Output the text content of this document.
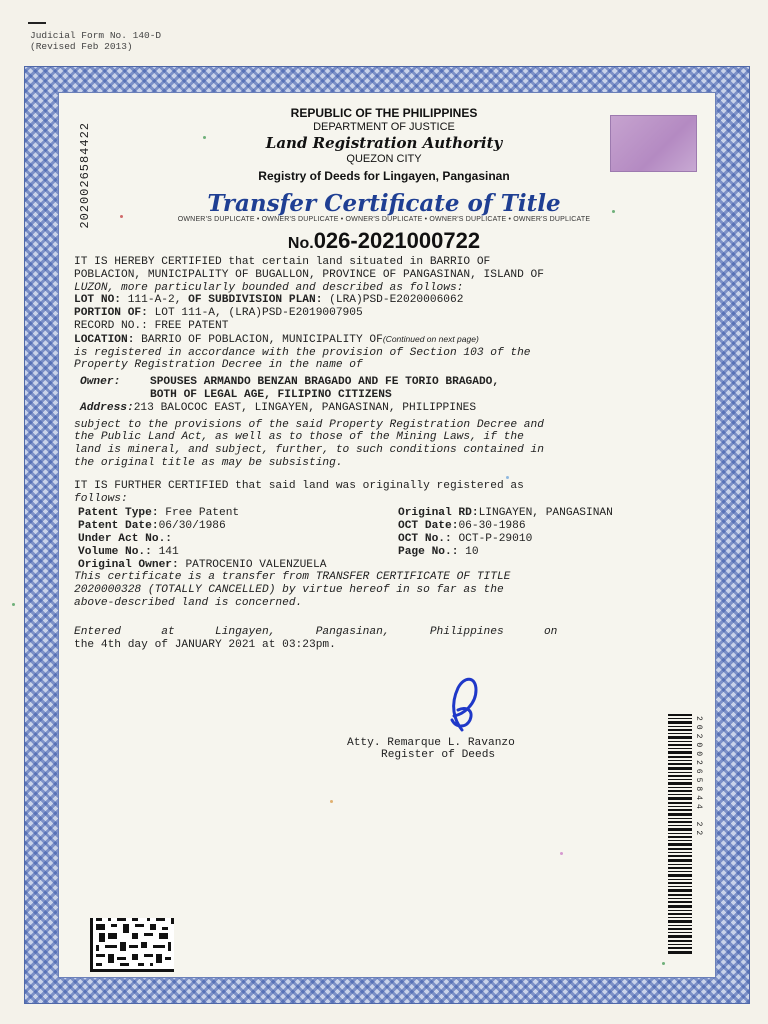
Judicial Form No. 140-D
(Revised Feb 2013)
2020026584422
REPUBLIC OF THE PHILIPPINES
DEPARTMENT OF JUSTICE
Land Registration Authority
QUEZON CITY
Registry of Deeds for Lingayen, Pangasinan
Transfer Certificate of Title
OWNER'S DUPLICATE • OWNER'S DUPLICATE • OWNER'S DUPLICATE • OWNER'S DUPLICATE • OWNER'S DUPLICATE
No.026-2021000722

IT IS HEREBY CERTIFIED that certain land situated in BARRIO OF

POBLACION, MUNICIPALITY OF BUGALLON, PROVINCE OF PANGASINAN, ISLAND OF

LUZON, more particularly bounded and described as follows:

LOT NO: 111-A-2, OF SUBDIVISION PLAN: (LRA)PSD-E2020006062

PORTION OF: LOT 111-A, (LRA)PSD-E2019007905

RECORD NO.: FREE PATENT

LOCATION: BARRIO OF POBLACION, MUNICIPALITY OF(Continued on next page)

is registered in accordance with the provision of Section 103 of the

Property Registration Decree in the name of

Owner:	SPOUSES ARMANDO BENZAN BRAGADO AND FE TORIO BRAGADO,
BOTH OF LEGAL AGE, FILIPINO CITIZENS

Address:213 BALOCOC EAST, LINGAYEN, PANGASINAN, PHILIPPINES

subject to the provisions of the said Property Registration Decree and

the Public Land Act, as well as to those of the Mining Laws, if the

land is mineral, and subject, further, to such conditions contained in

the original title as may be subsisting.

IT IS FURTHER CERTIFIED that said land was originally registered as

follows:

Patent Type: Free Patent	Original RD:LINGAYEN, PANGASINAN
Patent Date:06/30/1986	OCT Date:06-30-1986
Under Act No.:	OCT No.: OCT-P-29010
Volume No.: 141	Page No.: 10

Original Owner: PATROCENIO VALENZUELA

This certificate is a transfer from TRANSFER CERTIFICATE OF TITLE

2020000328 (TOTALLY CANCELLED) by virtue hereof in so far as the

above-described land is concerned.

Entered      at      Lingayen,      Pangasinan,      Philippines      on

the 4th day of JANUARY 2021 at 03:23pm.

Atty. Remarque L. Ravanzo
Register of Deeds	20200265844 22
